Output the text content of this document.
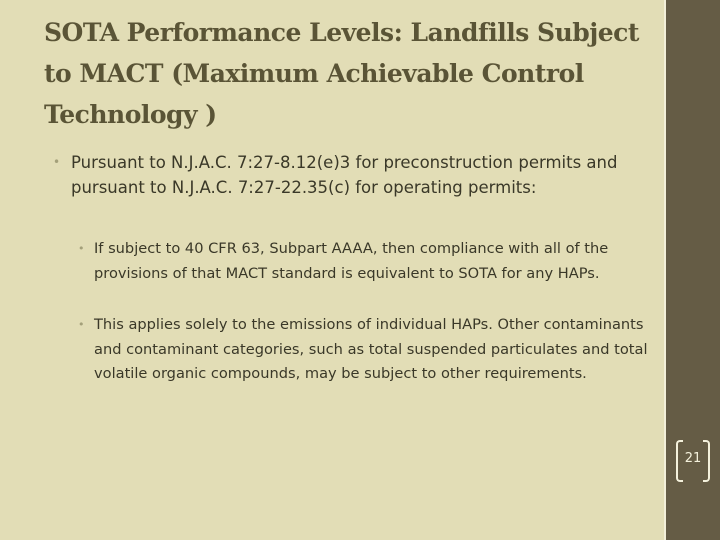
SOTA Performance Levels: Landfills Subject to MACT (Maximum Achievable Control Technology )
• Pursuant to N.J.A.C. 7:27-8.12(e)3 for preconstruction permits and pursuant to N.J.A.C. 7:27-22.35(c) for operating permits:
• If subject to 40 CFR 63, Subpart AAAA, then compliance with all of the provisions of that MACT standard is equivalent to SOTA for any HAPs.
• This applies solely to the emissions of individual HAPs. Other contaminants and contaminant categories, such as total suspended particulates and total volatile organic compounds, may be subject to other requirements.
21
